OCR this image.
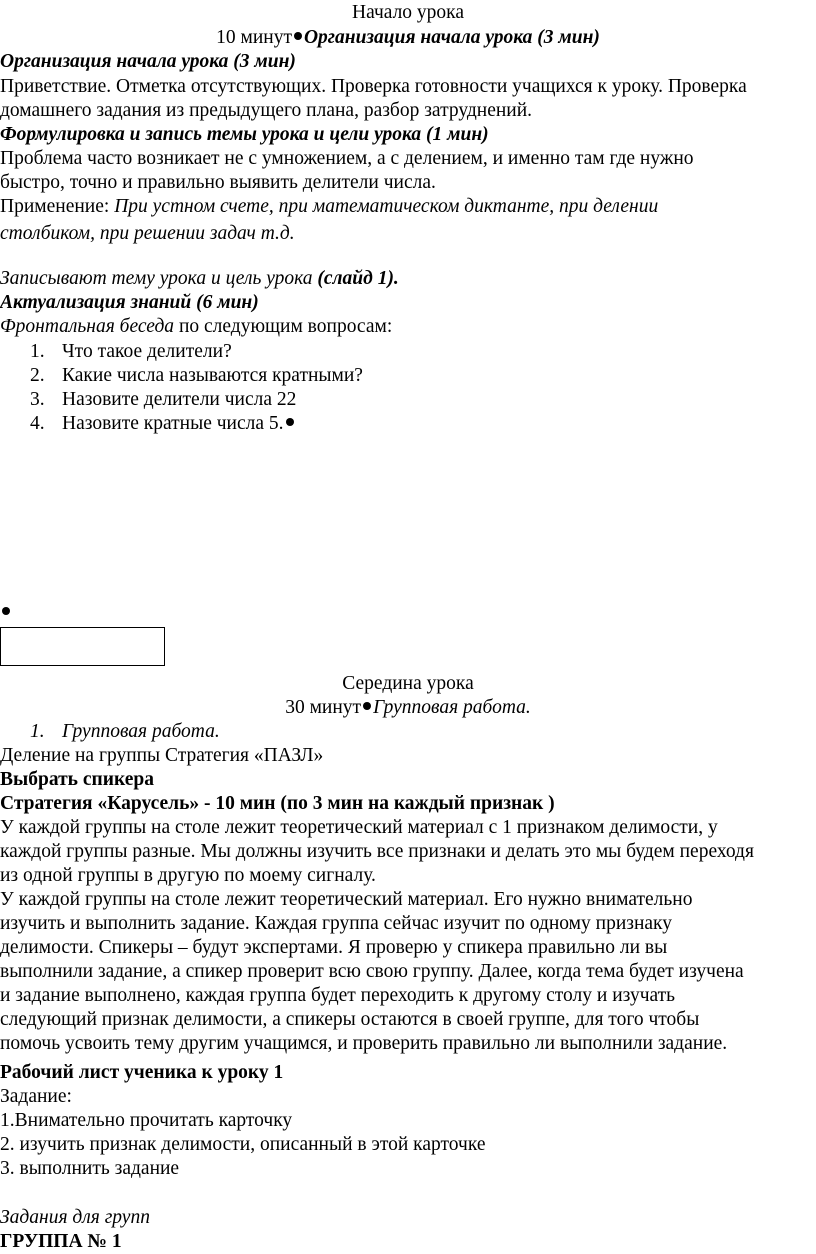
Начало урока
10 минут Организация начала урока (3 мин)
Организация начала урока (3 мин)
Приветствие. Отметка отсутствующих. Проверка готовности учащихся к уроку. Проверка
домашнего задания из предыдущего плана, разбор затруднений.
Формулировка и запись темы урока и цели урока (1 мин)
Проблема часто возникает не с умножением, а с делением, и именно там где нужно
быстро, точно и правильно выявить делители числа.
Применение: При устном счете, при математическом диктанте, при делении
столбиком, при решении задач т.д.
Записывают тему урока и цель урока (слайд 1).
Актуализация знаний (6 мин)
Фронтальная беседа по следующим вопросам:
1. Что такое делители?
2. Какие числа называются кратными?
3. Назовите делители числа 22
4. Назовите кратные числа 5.
Середина урока
30 минут Групповая работа.
1. Групповая работа.
Деление на группы Стратегия «ПАЗЛ»
Выбрать спикера
Стратегия «Карусель» - 10 мин (по 3 мин на каждый признак )
У каждой группы на столе лежит теоретический материал с 1 признаком делимости, у
каждой группы разные. Мы должны изучить все признаки и делать это мы будем переходя
из одной группы в другую по моему сигналу.
У каждой группы на столе лежит теоретический материал. Его нужно внимательно
изучить и выполнить задание. Каждая группа сейчас изучит по одному признаку
делимости. Спикеры – будут экспертами. Я проверю у спикера правильно ли вы
выполнили задание, а спикер проверит всю свою группу. Далее, когда тема будет изучена
и задание выполнено, каждая группа будет переходить к другому столу и изучать
следующий признак делимости, а спикеры остаются в своей группе, для того чтобы
помочь усвоить тему другим учащимся, и проверить правильно ли выполнили задание.
Рабочий лист ученика к уроку 1
Задание:
1.Внимательно прочитать карточку
2. изучить признак делимости, описанный в этой карточке
3. выполнить задание
Задания для групп
ГРУППА № 1
